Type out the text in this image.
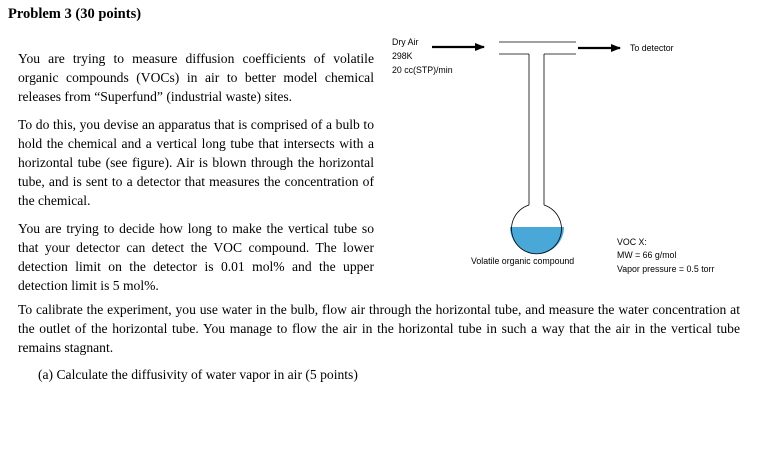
Problem 3 (30 points)

You are trying to measure diffusion coefficients of volatile organic compounds (VOCs) in air to better model chemical releases from “Superfund” (industrial waste) sites.

To do this, you devise an apparatus that is comprised of a bulb to hold the chemical and a vertical long tube that intersects with a horizontal tube (see figure). Air is blown through the horizontal tube, and is sent to a detector that measures the concentration of the chemical.

You are trying to decide how long to make the vertical tube so that your detector can detect the VOC compound. The lower detection limit on the detector is 0.01 mol% and the upper detection limit is 5 mol%.

To calibrate the experiment, you use water in the bulb, flow air through the horizontal tube, and measure the water concentration at the outlet of the horizontal tube. You manage to flow the air in the horizontal tube in such a way that the air in the vertical tube remains stagnant.

(a) Calculate the diffusivity of water vapor in air (5 points)
Dry Air
298K
20 cc(STP)/min
To detector
Volatile organic compound
VOC X:
MW = 66 g/mol
Vapor pressure = 0.5 torr
